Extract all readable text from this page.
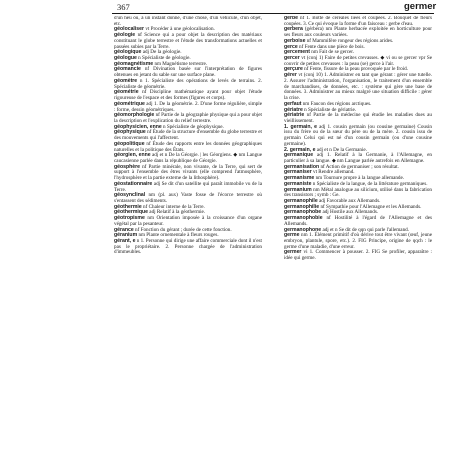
367	germer

d'un heu ou, à un instant donné, d'une chose, d'un véhicule, d'un objet, etc.

géolocaliser vt Procéder à une géolocalisation.

géologie nf Science qui a pour objet la description des matériaux constituant le globe terrestre et l'étude des transformations actuelles et passées subies par la Terre.

géologique adj De la géologie.

géologue n Spécialiste de géologie.

géomagnétisme nm Magnétisme terrestre.

géomancie nf Divination basée sur l'interprétation de figures obtenues en jetant du sable sur une surface plane.

géomètre n 1. Spécialiste des opérations de levés de terrains. 2. Spécialiste de géométrie.

géométrie nf Discipline mathématique ayant pour objet l'étude rigoureuse de l'espace et des formes (figures et corps).

géométrique adj 1. De la géométrie. 2. D'une forme régulière, simple : forme, dessin géométriques.

géomorphologie nf Partie de la géographie physique qui a pour objet la description et l'explication du relief terrestre.

géophysicien, enne n Spécialiste de géophysique.

géophysique nf Étude de la structure d'ensemble du globe terrestre et des mouvements qui l'affectent.

géopolitique nf Étude des rapports entre les données géographiques naturelles et la politique des États.

géorgien, enne adj et n De la Géorgie. | les Géorgiens. ◆ nm Langue caucasienne parlée dans la république de Géorgie.

géosphère nf Partie minérale, non vivante, de la Terre, qui sert de support à l'ensemble des êtres vivants (elle comprend l'atmosphère, l'hydrosphère et la partie externe de la lithosphère).

géostationnaire adj Se dit d'un satellite qui paraît immobile vu de la Terre.

géosynclinal nm (pl. aux) Vaste fosse de l'écorce terrestre où s'entassent des sédiments.

géothermie nf Chaleur interne de la Terre.

géothermique adj Relatif à la géothermie.

géotropisme nm Orientation imposée à la croissance d'un organe végétal par la pesanteur.

gérance nf Fonction du gérant ; durée de cette fonction.

géranium nm Plante ornementale à fleurs rouges.

gérant, e n 1. Personne qui dirige une affaire commerciale dont il n'est pas le propriétaire. 2. Personne chargée de l'administration d'immeubles.

gerbe nf 1. Botte de céréales liées et coupées. 2. Bouquet de fleurs coupées. 3. Ce qui évoque la forme d'un faisceau : gerbe d'eau.

gerbera (gérbéra) nm Plante herbacée exploitée en horticulture pour ses fleurs aux couleurs variées.

gerboise nf Mammifère rongeur des régions arides.

gerce nf Fente dans une pièce de bois.

gercement nm Fait de se gercer.

gercer vt (conj 1) Faire de petites crevasses. ◆ vi ou se gercer vpr Se couvrir de petites crevasses : la peau (se) gerce à l'air.

gerçure nf Fente, fissure de la peau provoquée par le froid.

gérer vt (conj 10) 1. Administrer en tant que gérant : gérer une tutelle. 2. Assurer l'administration, l'organisation, le traitement d'un ensemble de marchandises, de données, etc. : système qui gère une base de données. 3. Administrer au mieux malgré une situation difficile : gérer la crise.

gerfaut nm Faucon des régions arctiques.

gériatre n Spécialiste de gériatrie.

gériatrie nf Partie de la médecine qui étudie les maladies dues au vieillissement.

1. germain, e adj 1. cousin germain (ou cousine germaine) Cousin issu du frère ou de la sœur du père ou de la mère. 2. cousin issu de germain Celui qui est né d'un cousin germain (ou d'une cousine germaine).

2. germain, e adj et n De la Germanie.

germanique adj 1. Relatif à la Germanie, à l'Allemagne, en particulier à sa langue. ◆ nm Langue parlée autrefois en Allemagne.

germanisation nf Action de germaniser ; son résultat.

germaniser vt Rendre allemand.

germanisme nm Tournure propre à la langue allemande.

germaniste n Spécialiste de la langue, de la littérature germaniques.

germanium nm Métal analogue au silicium, utilisé dans la fabrication des transistors ; symb : Ge.

germanophile adj Favorable aux Allemands.

germanophilie nf Sympathie pour l'Allemagne et les Allemands.

germanophobe adj Hostile aux Allemands.

germanophobie nf Hostilité à l'égard de l'Allemagne et des Allemands.

germanophone adj et n Se dit de qqn qui parle l'allemand.

germe nm 1. Élément primitif d'où dérive tout être vivant (œuf, jeune embryon, plantule, spore, etc.). 2. FIG Principe, origine de qqch : le germe d'une maladie, d'une erreur.

germer vi 1. Commencer à pousser. 2. FIG Se profiler, apparaître : idée qui germe.
